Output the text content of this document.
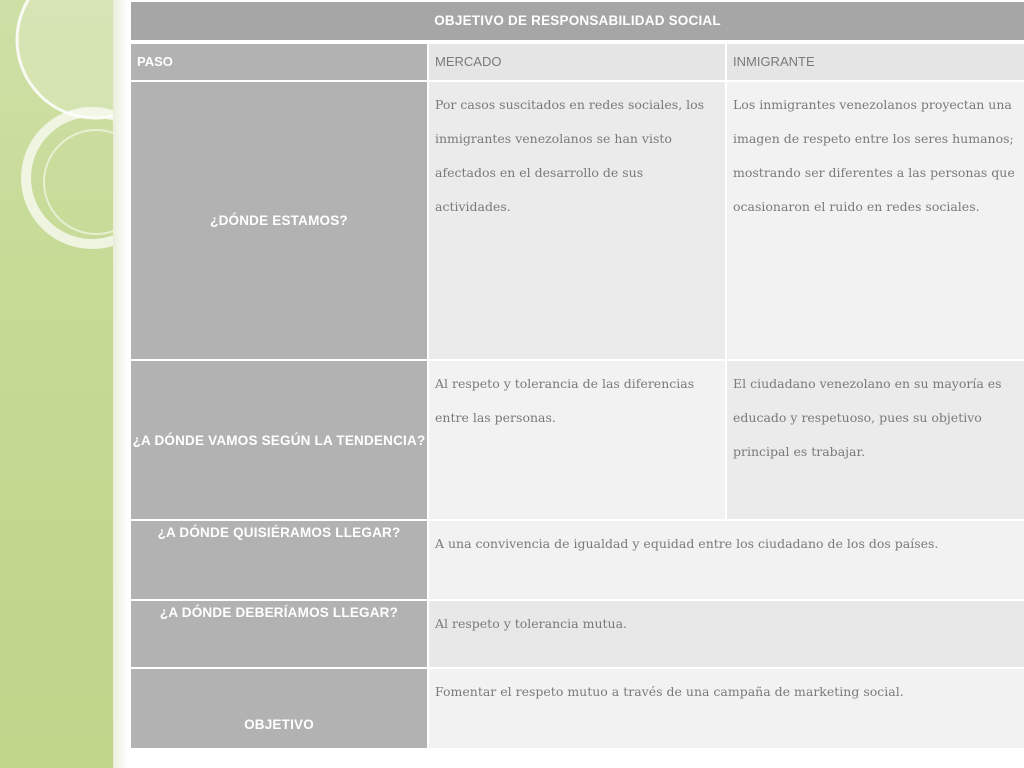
OBJETIVO DE RESPONSABILIDAD SOCIAL		
PASO	MERCADO	INMIGRANTE
¿DÓNDE ESTAMOS?	Por casos suscitados en redes sociales, los inmigrantes venezolanos se han visto afectados en el desarrollo de sus actividades.	Los inmigrantes venezolanos proyectan una imagen de respeto entre los seres humanos; mostrando ser diferentes a las personas que ocasionaron el ruido en redes sociales.
¿A DÓNDE VAMOS SEGÚN LA TENDENCIA?	Al respeto y tolerancia de las diferencias entre las personas.	El ciudadano venezolano en su mayoría es educado y respetuoso, pues su objetivo principal es trabajar.
¿A DÓNDE QUISIÉRAMOS LLEGAR?	A una convivencia de igualdad y equidad entre los ciudadano de los dos países.	
¿A DÓNDE DEBERÍAMOS LLEGAR?	Al respeto y tolerancia mutua.	
OBJETIVO	Fomentar el respeto mutuo a través de una campaña de marketing social.	
